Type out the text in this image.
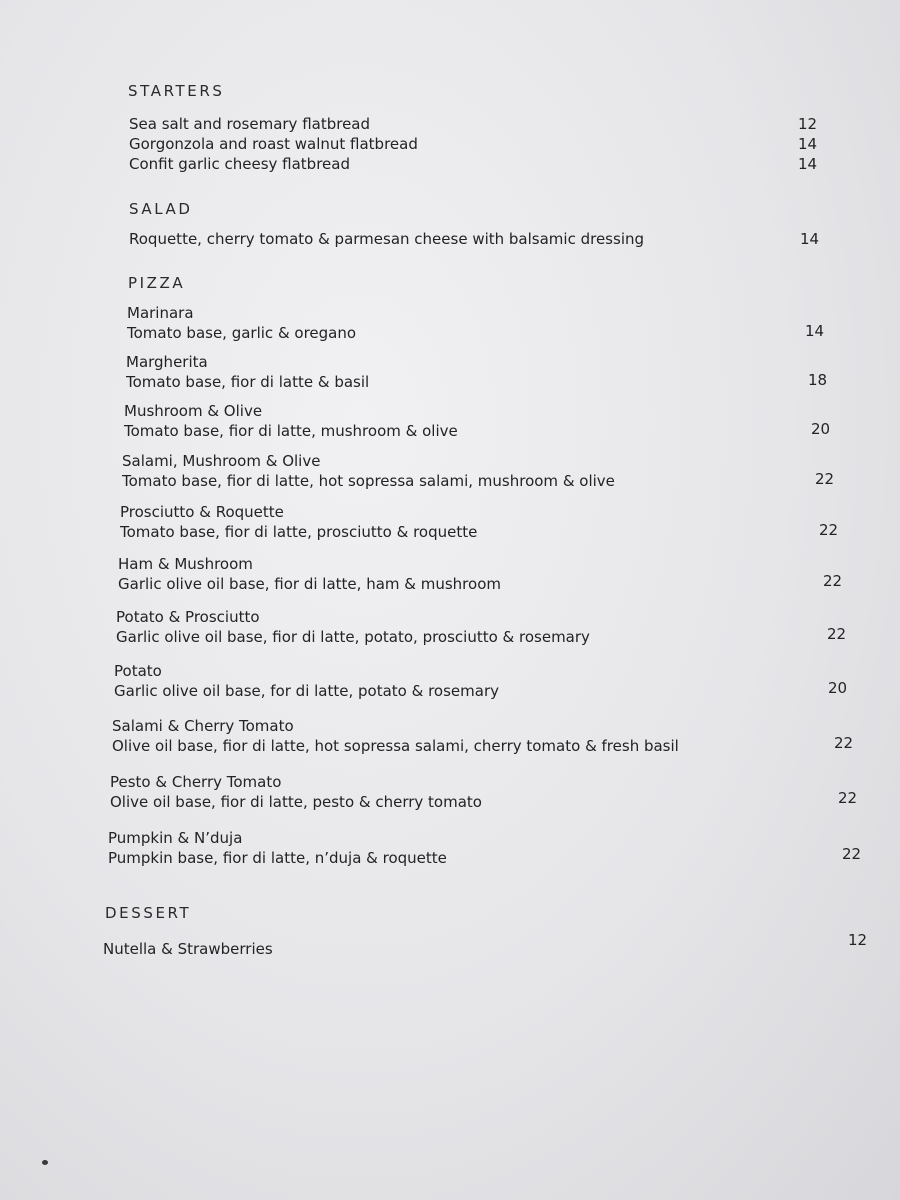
STARTERS
Sea salt and rosemary flatbread	12
Gorgonzola and roast walnut flatbread	14
Confit garlic cheesy flatbread	14
SALAD
Roquette, cherry tomato & parmesan cheese with balsamic dressing	14
PIZZA
Marinara
Tomato base, garlic & oregano	14
Margherita
Tomato base, fior di latte & basil	18
Mushroom & Olive
Tomato base, fior di latte, mushroom & olive	20
Salami, Mushroom & Olive
Tomato base, fior di latte, hot sopressa salami, mushroom & olive	22
Prosciutto & Roquette
Tomato base, fior di latte, prosciutto & roquette	22
Ham & Mushroom
Garlic olive oil base, fior di latte, ham & mushroom	22
Potato & Prosciutto
Garlic olive oil base, fior di latte, potato, prosciutto & rosemary	22
Potato
Garlic olive oil base, for di latte, potato & rosemary	20
Salami & Cherry Tomato
Olive oil base, fior di latte, hot sopressa salami, cherry tomato & fresh basil	22
Pesto & Cherry Tomato
Olive oil base, fior di latte, pesto & cherry tomato	22
Pumpkin & N’duja
Pumpkin base, fior di latte, n’duja & roquette	22
DESSERT
Nutella & Strawberries	12
